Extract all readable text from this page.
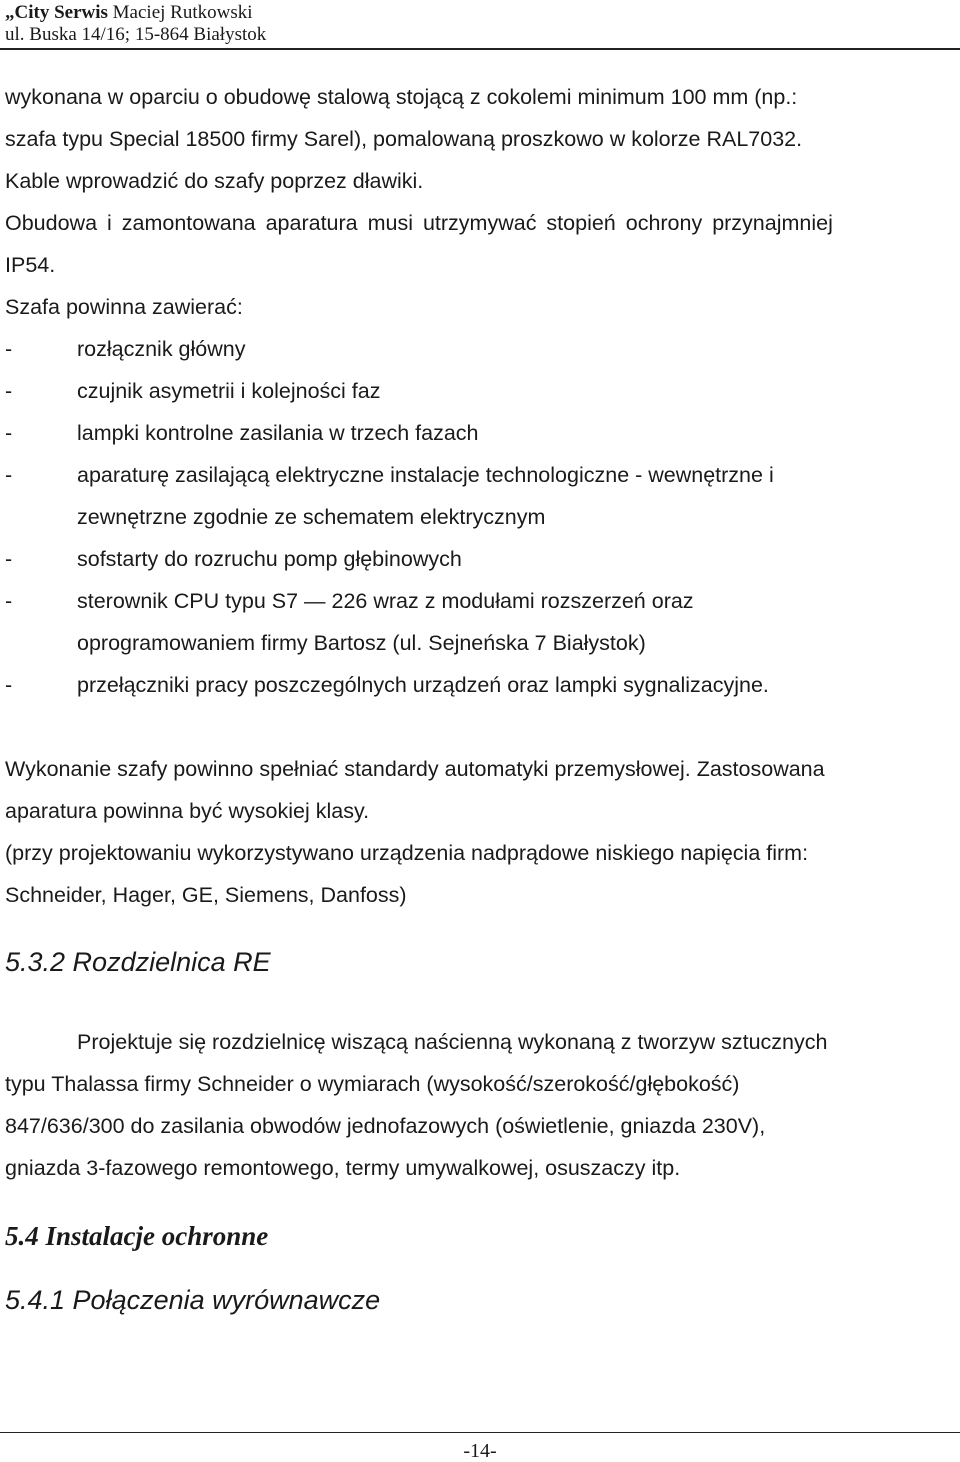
„City Serwis Maciej Rutkowski
ul. Buska 14/16; 15-864 Białystok
wykonana w oparciu o obudowę stalową stojącą z cokolemi minimum 100 mm (np.:
szafa typu Special 18500 firmy Sarel), pomalowaną proszkowo w kolorze RAL7032.
Kable wprowadzić do szafy poprzez dławiki.
Obudowa i zamontowana aparatura musi utrzymywać stopień ochrony przynajmniej
IP54.
Szafa powinna zawierać:
-	rozłącznik główny
-	czujnik asymetrii i kolejności faz
-	lampki kontrolne zasilania w trzech fazach
-	aparaturę zasilającą elektryczne instalacje technologiczne - wewnętrzne i
zewnętrzne zgodnie ze schematem elektrycznym
-	sofstarty do rozruchu pomp głębinowych
-	sterownik CPU typu S7 — 226 wraz z modułami rozszerzeń oraz
oprogramowaniem firmy Bartosz (ul. Sejneńska 7 Białystok)
-	przełączniki pracy poszczególnych urządzeń oraz lampki sygnalizacyjne.
Wykonanie szafy powinno spełniać standardy automatyki przemysłowej. Zastosowana
aparatura powinna być wysokiej klasy.
(przy projektowaniu wykorzystywano urządzenia nadprądowe niskiego napięcia firm:
Schneider, Hager, GE, Siemens, Danfoss)
5.3.2 Rozdzielnica RE
Projektuje się rozdzielnicę wiszącą naścienną wykonaną z tworzyw sztucznych
typu Thalassa firmy Schneider o wymiarach (wysokość/szerokość/głębokość)
847/636/300 do zasilania obwodów jednofazowych (oświetlenie, gniazda 230V),
gniazda 3-fazowego remontowego, termy umywalkowej, osuszaczy itp.
5.4 Instalacje ochronne
5.4.1 Połączenia wyrównawcze
-14-
